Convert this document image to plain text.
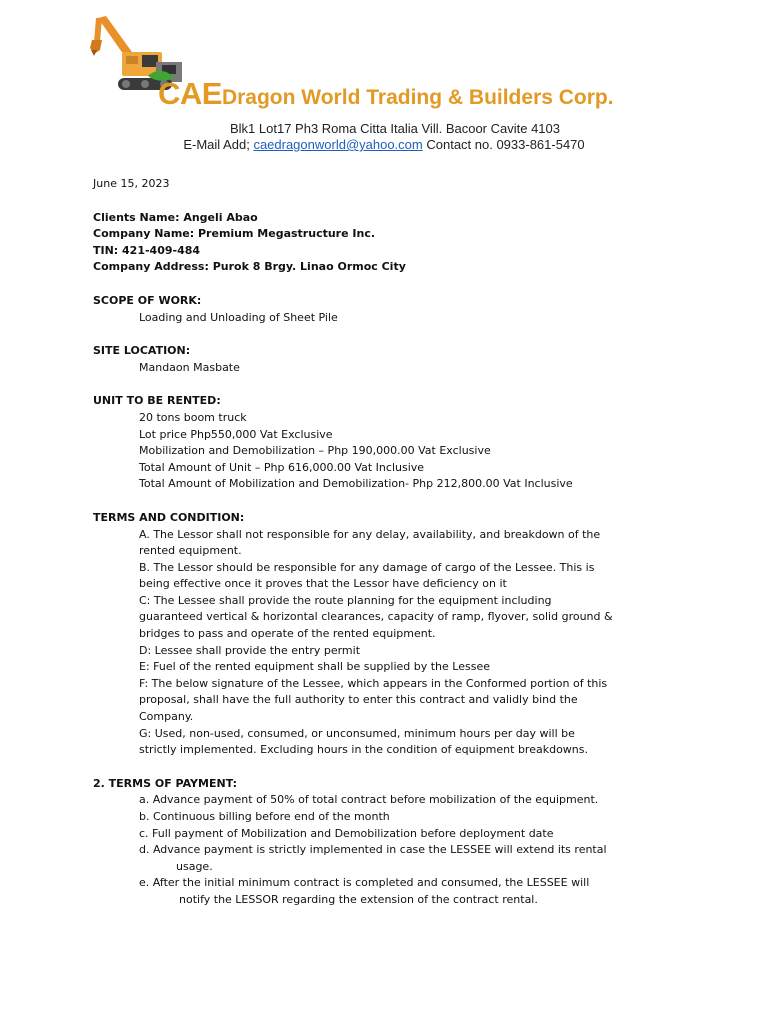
CAEDragon World Trading & Builders Corp.
Blk1 Lot17 Ph3 Roma Citta Italia Vill. Bacoor Cavite 4103
E-Mail Add; caedragonworld@yahoo.com Contact no. 0933-861-5470

June 15, 2023

Clients Name: Angeli Abao

Company Name: Premium Megastructure Inc.

TIN: 421-409-484

Company Address: Purok 8 Brgy. Linao Ormoc City

SCOPE OF WORK:

Loading and Unloading of Sheet Pile

SITE LOCATION:

Mandaon Masbate

UNIT TO BE RENTED:

20 tons boom truck

Lot price Php550,000 Vat Exclusive

Mobilization and Demobilization – Php 190,000.00 Vat Exclusive

Total Amount of Unit – Php 616,000.00 Vat Inclusive

Total Amount of Mobilization and Demobilization- Php 212,800.00 Vat Inclusive

TERMS AND CONDITION:

A. The Lessor shall not responsible for any delay, availability, and breakdown of the

rented equipment.

B. The Lessor should be responsible for any damage of cargo of the Lessee. This is

being effective once it proves that the Lessor have deficiency on it

C: The Lessee shall provide the route planning for the equipment including

guaranteed vertical & horizontal clearances, capacity of ramp, flyover, solid ground &

bridges to pass and operate of the rented equipment.

D: Lessee shall provide the entry permit

E: Fuel of the rented equipment shall be supplied by the Lessee

F: The below signature of the Lessee, which appears in the Conformed portion of this

proposal, shall have the full authority to enter this contract and validly bind the

Company.

G: Used, non-used, consumed, or unconsumed, minimum hours per day will be

strictly implemented. Excluding hours in the condition of equipment breakdowns.

2. TERMS OF PAYMENT:

a. Advance payment of 50% of total contract before mobilization of the equipment.

b. Continuous billing before end of the month

c. Full payment of Mobilization and Demobilization before deployment date

d. Advance payment is strictly implemented in case the LESSEE will extend its rental

usage.

e. After the initial minimum contract is completed and consumed, the LESSEE will

notify the LESSOR regarding the extension of the contract rental.
